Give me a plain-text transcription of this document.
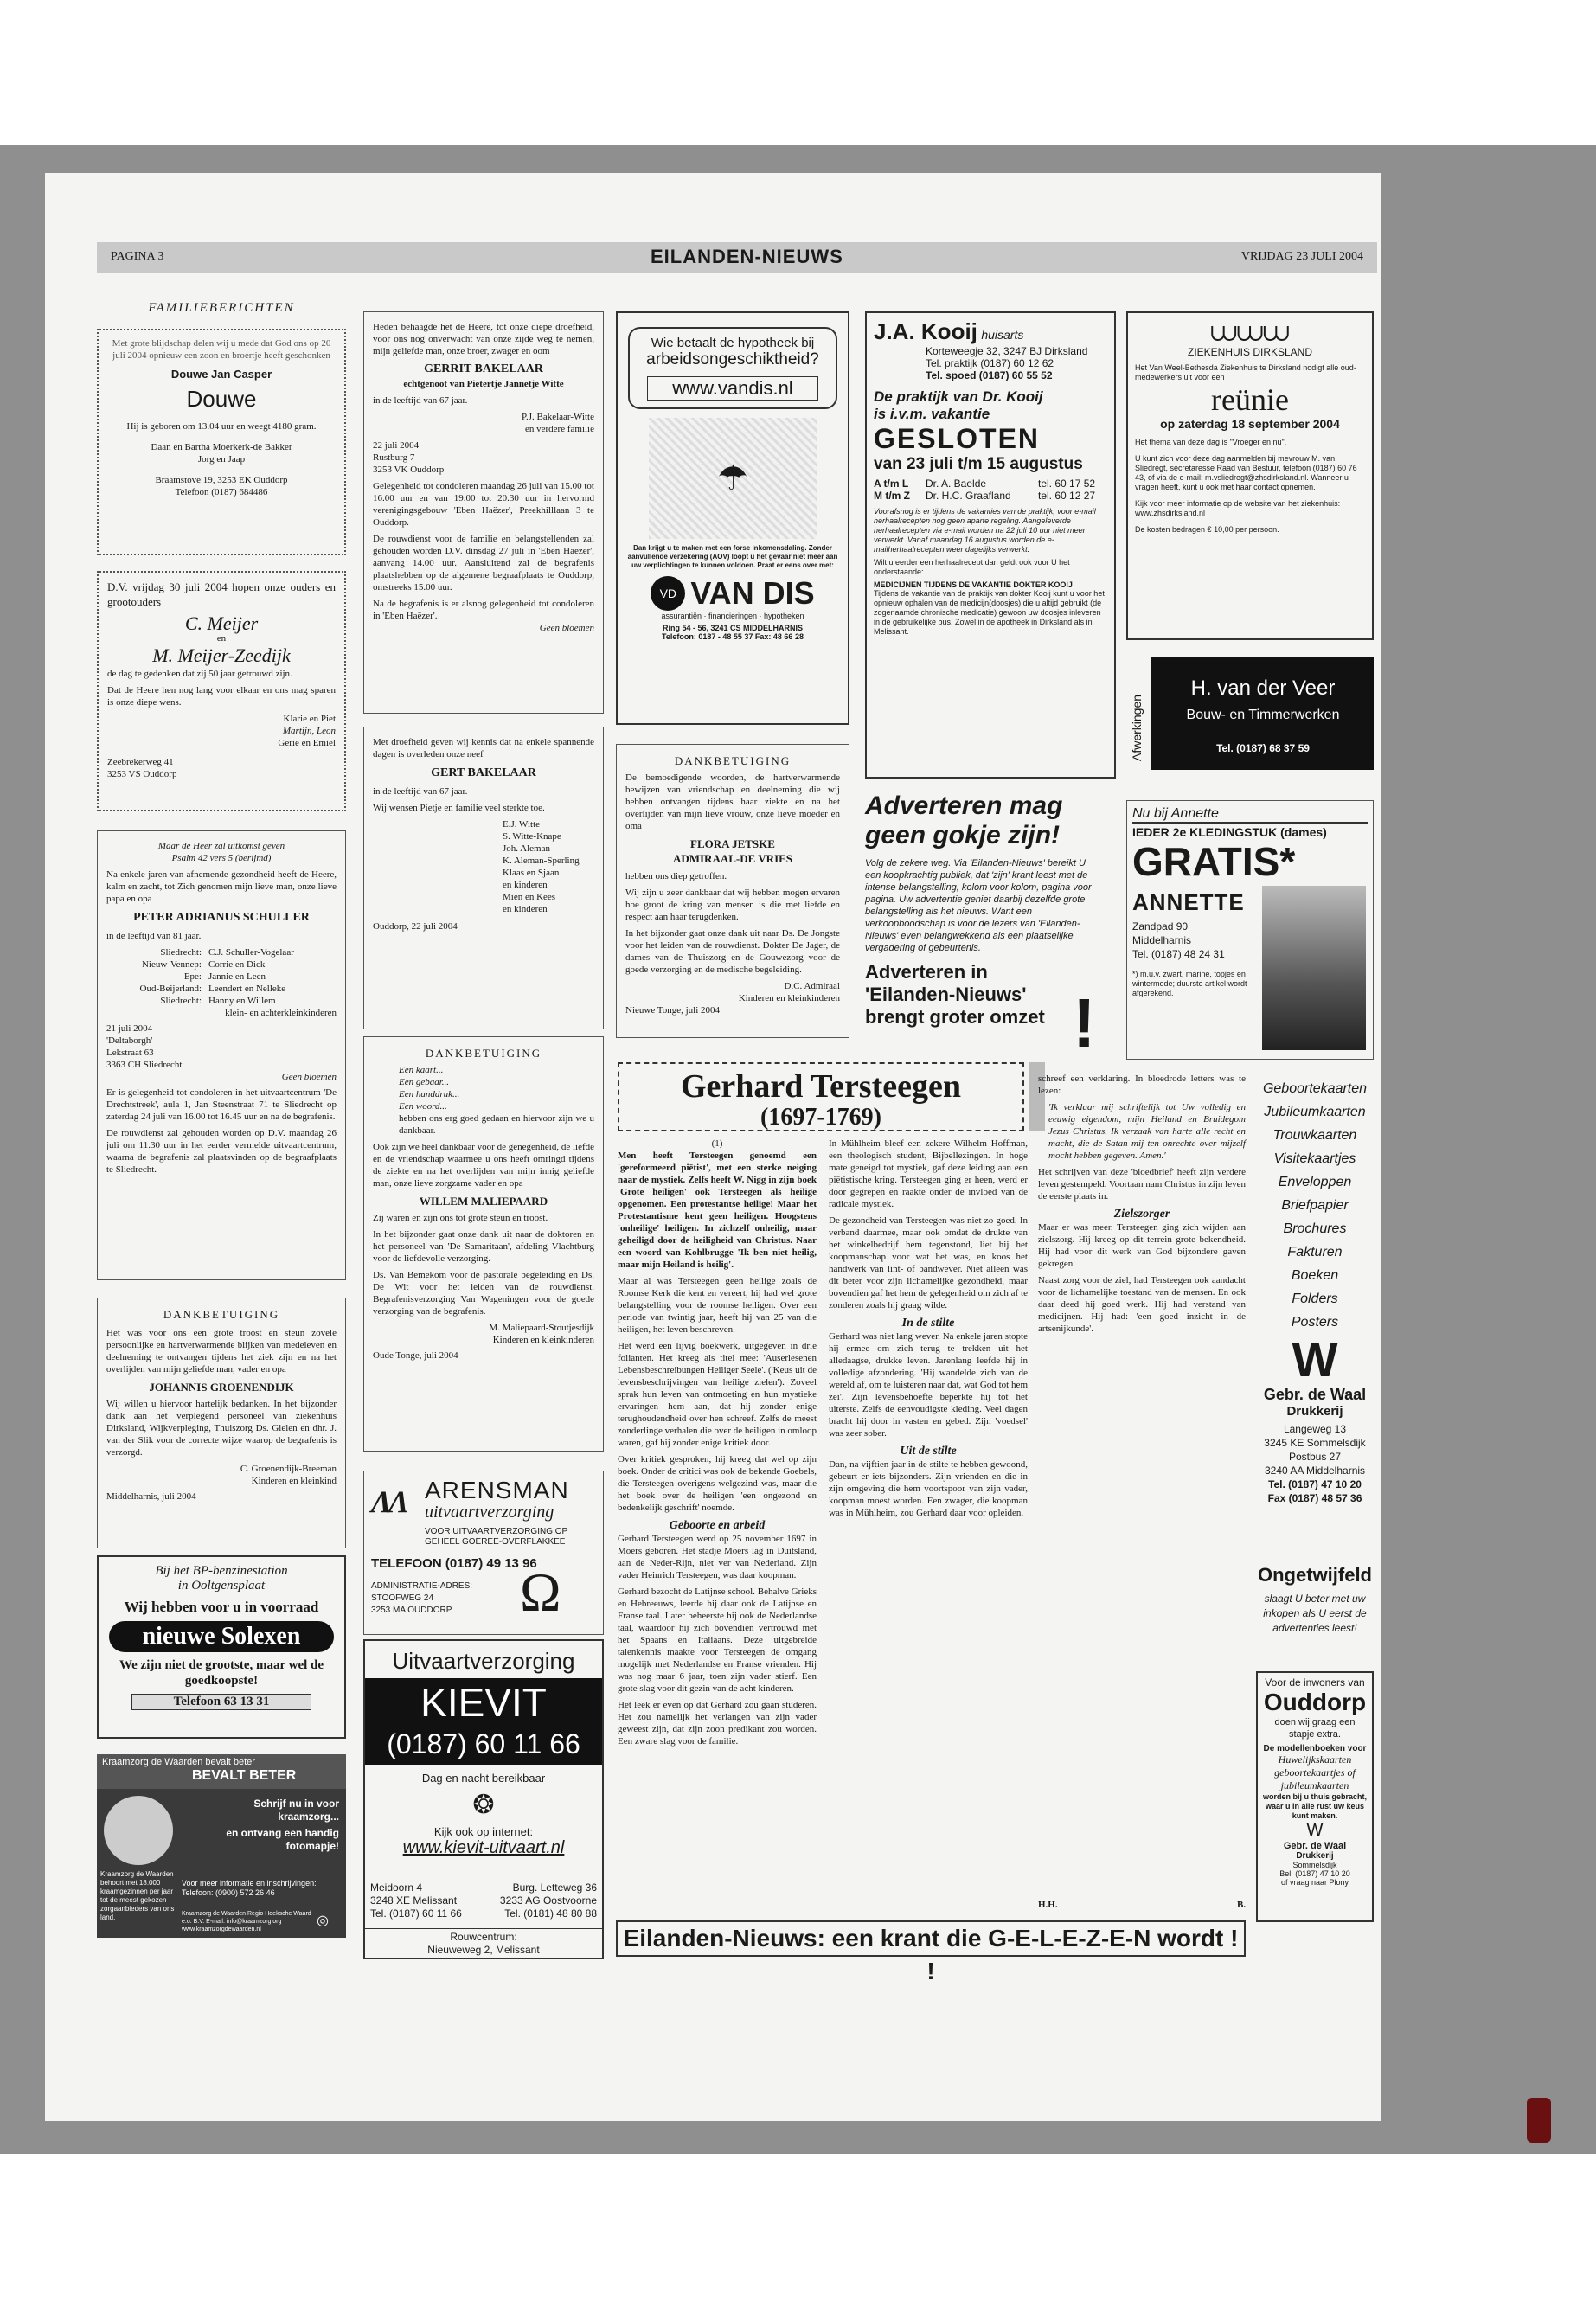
PAGINA 3	EILANDEN-NIEUWS	VRIJDAG 23 JULI 2004
FAMILIEBERICHTEN
Met grote blijdschap delen wij u mede dat God ons op 20 juli 2004 opnieuw een zoon en broertje heeft geschonken
Douwe Jan Casper
Douwe
Hij is geboren om 13.04 uur en weegt 4180 gram.
Daan en Bartha Moerkerk-de Bakker
Jorg en Jaap
Braamstove 19, 3253 EK Ouddorp
Telefoon (0187) 684486
D.V. vrijdag 30 juli 2004 hopen onze ouders en grootouders
C. Meijer
en
M. Meijer-Zeedijk
de dag te gedenken dat zij 50 jaar getrouwd zijn.
Dat de Heere hen nog lang voor elkaar en ons mag sparen is onze diepe wens.
Klarie en Piet
Martijn, Leon
Gerie en Emiel
Zeebrekerweg 41
3253 VS Ouddorp
Maar de Heer zal uitkomst geven
Psalm 42 vers 5 (berijmd)
Na enkele jaren van afnemende gezondheid heeft de Heere, kalm en zacht, tot Zich genomen mijn lieve man, onze lieve papa en opa
PETER ADRIANUS SCHULLER
in de leeftijd van 81 jaar.
Sliedrecht: C.J. Schuller-Vogelaar
Nieuw-Vennep: Corrie en Dick
Epe: Jannie en Leen
Oud-Beijerland: Leendert en Nelleke
Sliedrecht: Hanny en Willem
klein- en achterkleinkinderen
21 juli 2004
'Deltaborgh'
Lekstraat 63
3363 CH Sliedrecht
Geen bloemen
Er is gelegenheid tot condoleren in het uitvaartcentrum 'De Drechtstreek', aula 1, Jan Steenstraat 71 te Sliedrecht op zaterdag 24 juli van 16.00 tot 16.45 uur en na de begrafenis.
De rouwdienst zal gehouden worden op D.V. maandag 26 juli om 11.30 uur in het eerder vermelde uitvaartcentrum, waarna de begrafenis zal plaatsvinden op de begraafplaats te Sliedrecht.
DANKBETUIGING
Het was voor ons een grote troost en steun zovele persoonlijke en hartverwarmende blijken van medeleven en deelneming te ontvangen tijdens het ziek zijn en na het overlijden van mijn geliefde man, vader en opa
JOHANNIS GROENENDIJK
Wij willen u hiervoor hartelijk bedanken. In het bijzonder dank aan het verplegend personeel van ziekenhuis Dirksland, Wijkverpleging, Thuiszorg Ds. Gielen en dhr. J. van der Slik voor de correcte wijze waarop de begrafenis is verzorgd.
C. Groenendijk-Breeman
Kinderen en kleinkind
Middelharnis, juli 2004
Bij het BP-benzinestation
in Ooltgensplaat
Wij hebben voor u in voorraad
nieuwe Solexen
We zijn niet de grootste, maar wel de goedkoopste!
Telefoon 63 13 31
Kraamzorg de Waarden bevalt beter
BEVALT BETER
Schrijf nu in voor kraamzorg...
en ontvang een handig fotomapje!
Kraamzorg de Waarden behoort met 18.000 kraamgezinnen per jaar tot de meest gekozen zorgaanbieders van ons land.
Voor meer informatie en inschrijvingen: Telefoon: (0900) 572 26 46
Kraamzorg de Waarden Regio Hoeksche Waard e.o. B.V. E-mail: info@kraamzorg.org www.kraamzorgdewaarden.nl
◎
Heden behaagde het de Heere, tot onze diepe droefheid, voor ons nog onverwacht van onze zijde weg te nemen, mijn geliefde man, onze broer, zwager en oom
GERRIT BAKELAAR
echtgenoot van Pietertje Jannetje Witte
in de leeftijd van 67 jaar.
P.J. Bakelaar-Witte
en verdere familie
22 juli 2004
Rustburg 7
3253 VK Ouddorp
Gelegenheid tot condoleren maandag 26 juli van 15.00 tot 16.00 uur en van 19.00 tot 20.30 uur in hervormd verenigingsgebouw 'Eben Haëzer', Preekhilllaan 3 te Ouddorp.
De rouwdienst voor de familie en belangstellenden zal gehouden worden D.V. dinsdag 27 juli in 'Eben Haëzer', aanvang 14.00 uur. Aansluitend zal de begrafenis plaatshebben op de algemene begraafplaats te Ouddorp, omstreeks 15.00 uur.
Na de begrafenis is er alsnog gelegenheid tot condoleren in 'Eben Haëzer'.
Geen bloemen
Met droefheid geven wij kennis dat na enkele spannende dagen is overleden onze neef
GERT BAKELAAR
in de leeftijd van 67 jaar.
Wij wensen Pietje en familie veel sterkte toe.
E.J. Witte
S. Witte-Knape
Joh. Aleman
K. Aleman-Sperling
Klaas en Sjaan
en kinderen
Mien en Kees
en kinderen
Ouddorp, 22 juli 2004
DANKBETUIGING
Een kaart...
Een gebaar...
Een handdruk...
Een woord...
hebben ons erg goed gedaan en hiervoor zijn we u dankbaar.
Ook zijn we heel dankbaar voor de genegenheid, de liefde en de vriendschap waarmee u ons heeft omringd tijdens de ziekte en na het overlijden van mijn innig geliefde man, onze lieve zorgzame vader en opa
WILLEM MALIEPAARD
Zij waren en zijn ons tot grote steun en troost.
In het bijzonder gaat onze dank uit naar de doktoren en het personeel van 'De Samaritaan', afdeling Vlachtburg voor de liefdevolle verzorging.
Ds. Van Bemekom voor de pastorale begeleiding en Ds. De Wit voor het leiden van de rouwdienst. Begrafenisverzorging Van Wageningen voor de goede verzorging van de begrafenis.
M. Maliepaard-Stoutjesdijk
Kinderen en kleinkinderen
Oude Tonge, juli 2004
ΛΛ ARENSMAN
uitvaartverzorging
VOOR UITVAARTVERZORGING OP GEHEEL GOEREE-OVERFLAKKEE
TELEFOON (0187) 49 13 96
ADMINISTRATIE-ADRES:
STOOFWEG 24
3253 MA OUDDORP Ω
Uitvaartverzorging
KIEVIT
(0187) 60 11 66
Dag en nacht bereikbaar
❂
Kijk ook op internet:
www.kievit-uitvaart.nl
Meidoorn 4
3248 XE Melissant
Tel. (0187) 60 11 66
Burg. Letteweg 36
3233 AG Oostvoorne
Tel. (0181) 48 80 88
Rouwcentrum:
Nieuweweg 2, Melissant
Wie betaalt de hypotheek bij
arbeidsongeschiktheid?
www.vandis.nl
☂
Dan krijgt u te maken met een forse inkomensdaling. Zonder aanvullende verzekering (AOV) loopt u het gevaar niet meer aan uw verplichtingen te kunnen voldoen. Praat er eens over met:
VD VAN DIS
assurantiën · financieringen · hypotheken
Ring 54 - 56, 3241 CS MIDDELHARNIS
Telefoon: 0187 - 48 55 37 Fax: 48 66 28
DANKBETUIGING
De bemoedigende woorden, de hartverwarmende bewijzen van vriendschap en deelneming die wij hebben ontvangen tijdens haar ziekte en na het overlijden van mijn lieve vrouw, onze lieve moeder en oma
FLORA JETSKE
ADMIRAAL-DE VRIES
hebben ons diep getroffen.
Wij zijn u zeer dankbaar dat wij hebben mogen ervaren hoe groot de kring van mensen is die met liefde en respect aan haar terugdenken.
In het bijzonder gaat onze dank uit naar Ds. De Jongste voor het leiden van de rouwdienst. Dokter De Jager, de dames van de Thuiszorg en de Gouwezorg voor de goede verzorging en de medische begeleiding.
D.C. Admiraal
Kinderen en kleinkinderen
Nieuwe Tonge, juli 2004
Adverteren mag geen gokje zijn!
Volg de zekere weg. Via 'Eilanden-Nieuws' bereikt U een koopkrachtig publiek, dat 'zijn' krant leest met de intense belangstelling, kolom voor kolom, pagina voor pagina. Uw advertentie geniet daarbij dezelfde grote belangstelling als het nieuws. Want een verkoopboodschap is voor de lezers van 'Eilanden-Nieuws' even belangwekkend als een plaatselijke vergadering of gebeurtenis.
Adverteren in 'Eilanden-Nieuws' brengt groter omzet !
J.A. Kooij huisarts
Korteweegje 32, 3247 BJ Dirksland
Tel. praktijk (0187) 60 12 62
Tel. spoed (0187) 60 55 52
De praktijk van Dr. Kooij
is i.v.m. vakantie
GESLOTEN
van 23 juli t/m 15 augustus
A t/m L	Dr. A. Baelde	tel. 60 17 52
M t/m Z	Dr. H.C. Graafland	tel. 60 12 27
Voorafsnog is er tijdens de vakanties van de praktijk, voor e-mail herhaalrecepten nog geen aparte regeling. Aangeleverde herhaalrecepten via e-mail worden na 22 juli 10 uur niet meer verwerkt. Vanaf maandag 16 augustus worden de e-mailherhaalrecepten weer dagelijks verwerkt.
Wilt u eerder een herhaalrecept dan geldt ook voor U het onderstaande:
MEDICIJNEN TIJDENS DE VAKANTIE DOKTER KOOIJ
Tijdens de vakantie van de praktijk van dokter Kooij kunt u voor het opnieuw ophalen van de medicijn(doosjes) die u altijd gebruikt (de zogenaamde chronische medicatie) gewoon uw doosjes inleveren in de gebruikelijke bus. Zowel in de apotheek in Dirksland als in Melissant.
⩊⩊⩊
ZIEKENHUIS DIRKSLAND
Het Van Weel-Bethesda Ziekenhuis te Dirksland nodigt alle oud-medewerkers uit voor een
reünie
op zaterdag 18 september 2004
Het thema van deze dag is "Vroeger en nu".
U kunt zich voor deze dag aanmelden bij mevrouw M. van Sliedregt, secretaresse Raad van Bestuur, telefoon (0187) 60 76 43, of via de e-mail: m.vsliedregt@zhsdirksland.nl. Wanneer u vragen heeft, kunt u ook met haar contact opnemen.
Kijk voor meer informatie op de website van het ziekenhuis: www.zhsdirksland.nl
De kosten bedragen € 10,00 per persoon.
Afwerkingen
H. van der Veer
Bouw- en Timmerwerken
Tel. (0187) 68 37 59
Nu bij Annette
IEDER 2e KLEDINGSTUK (dames)
GRATIS*
ANNETTE
Zandpad 90
Middelharnis
Tel. (0187) 48 24 31
*) m.u.v. zwart, marine, topjes en wintermode; duurste artikel wordt afgerekend.
Gerhard Tersteegen
(1697-1769)
(1)
Men heeft Tersteegen genoemd een 'gereformeerd piëtist', met een sterke neiging naar de mystiek. Zelfs heeft W. Nigg in zijn boek 'Grote heiligen' ook Tersteegen als heilige opgenomen. Een protestantse heilige! Maar het Protestantisme kent geen heiligen. Hoogstens 'onheilige' heiligen. In zichzelf onheilig, maar geheiligd door de heiligheid van Christus. Naar een woord van Kohlbrugge 'Ik ben niet heilig, maar mijn Heiland is heilig'.
Maar al was Tersteegen geen heilige zoals de Roomse Kerk die kent en vereert, hij had wel grote belangstelling voor de roomse heiligen. Over een periode van twintig jaar, heeft hij van 25 van die heiligen, het leven beschreven.
Het werd een lijvig boekwerk, uitgegeven in drie folianten. Het kreeg als titel mee: 'Auserlesenen Lebensbeschreibungen Heiliger Seele'. ('Keus uit de levensbeschrijvingen van heilige zielen'). Zoveel sprak hun leven van ontmoeting en hun mystieke ervaringen hem aan, dat hij zonder enige terughoudendheid over hen schreef. Zelfs de meest zonderlinge verhalen die over de heiligen in omloop waren, gaf hij zonder enige kritiek door.
Over kritiek gesproken, hij kreeg dat wel op zijn boek. Onder de critici was ook de bekende Goebels, die Tersteegen overigens welgezind was, maar die het boek over de heiligen 'een ongezond en bedenkelijk geschrift' noemde.
Geboorte en arbeid
Gerhard Tersteegen werd op 25 november 1697 in Moers geboren. Het stadje Moers lag in Duitsland, aan de Neder-Rijn, niet ver van Nederland. Zijn vader Heinrich Tersteegen, was daar koopman.
Gerhard bezocht de Latijnse school. Behalve Grieks en Hebreeuws, leerde hij daar ook de Latijnse en Franse taal. Later beheerste hij ook de Nederlandse taal, waardoor hij zich bovendien vertrouwd met het Spaans en Italiaans. Deze uitgebreide talenkennis maakte voor Tersteegen de omgang mogelijk met Nederlandse en Franse vrienden. Hij was nog maar 6 jaar, toen zijn vader stierf. Een grote slag voor dit gezin van de acht kinderen.
Het leek er even op dat Gerhard zou gaan studeren. Het zou namelijk het verlangen van zijn vader geweest zijn, dat zijn zoon predikant zou worden. Een zware slag voor de familie.
In Mühlheim bleef een zekere Wilhelm Hoffman, een theologisch student, Bijbellezingen. In hoge mate geneigd tot mystiek, gaf deze leiding aan een piëtistische kring. Tersteegen ging er heen, werd er door gegrepen en raakte onder de invloed van de radicale mystiek.
De gezondheid van Tersteegen was niet zo goed. In verband daarmee, maar ook omdat de drukte van het winkelbedrijf hem tegenstond, liet hij het koopmanschap voor wat het was, en koos het handwerk van lint- of bandwever. Niet alleen was dit beter voor zijn lichamelijke gezondheid, maar bovendien gaf het hem de gelegenheid om zich af te zonderen zoals hij graag wilde.
In de stilte
Gerhard was niet lang wever. Na enkele jaren stopte hij ermee om zich terug te trekken uit het alledaagse, drukke leven. Jarenlang leefde hij in volledige afzondering. 'Hij wandelde zich van de wereld af, om te luisteren naar dat, wat God tot hem zei'. Zijn levensbehoefte beperkte hij tot het uiterste. Zelfs de eenvoudigste kleding. Veel dagen bracht hij door in vasten en gebed. Zijn 'voedsel' was zeer sober.
Uit de stilte
Dan, na vijftien jaar in de stilte te hebben gewoond, gebeurt er iets bijzonders. Zijn vrienden en die in zijn omgeving die hem voortspoor van zijn vader, koopman moest worden. Een zwager, die koopman was in Mühlheim, zou Gerhard daar voor opleiden.
schreef een verklaring. In bloedrode letters was te lezen:
'Ik verklaar mij schriftelijk tot Uw volledig en eeuwig eigendom, mijn Heiland en Bruidegom Jezus Christus. Ik verzaak van harte alle recht en macht, die de Satan mij ten onrechte over mijzelf mocht hebben gegeven. Amen.'
Het schrijven van deze 'bloedbrief' heeft zijn verdere leven gestempeld. Voortaan nam Christus in zijn leven de eerste plaats in.
Zielszorger
Maar er was meer. Tersteegen ging zich wijden aan zielszorg. Hij kreeg op dit terrein grote bekendheid. Hij had voor dit werk van God bijzondere gaven gekregen.
Naast zorg voor de ziel, had Tersteegen ook aandacht voor de lichamelijke toestand van de mensen. En ook daar deed hij goed werk. Hij had verstand van medicijnen. Hij had: 'een goed inzicht in de artsenijkunde'.
H.H.	B.
Eilanden-Nieuws: een krant die G-E-L-E-Z-E-N wordt ! !
Geboortekaarten
Jubileumkaarten
Trouwkaarten
Visitekaartjes
Enveloppen
Briefpapier
Brochures
Fakturen
Boeken
Folders
Posters
W
Gebr. de Waal
Drukkerij
Langeweg 13
3245 KE Sommelsdijk
Postbus 27
3240 AA Middelharnis
Tel. (0187) 47 10 20
Fax (0187) 48 57 36
Ongetwijfeld
slaagt U beter met uw inkopen als U eerst de advertenties leest!
Voor de inwoners van
Ouddorp
doen wij graag een stapje extra.
De modellenboeken voor
Huwelijkskaarten
geboortekaartjes of
jubileumkaarten
worden bij u thuis gebracht, waar u in alle rust uw keus kunt maken.
W
Gebr. de Waal
Drukkerij
Sommelsdijk
Bel: (0187) 47 10 20
of vraag naar Plony
